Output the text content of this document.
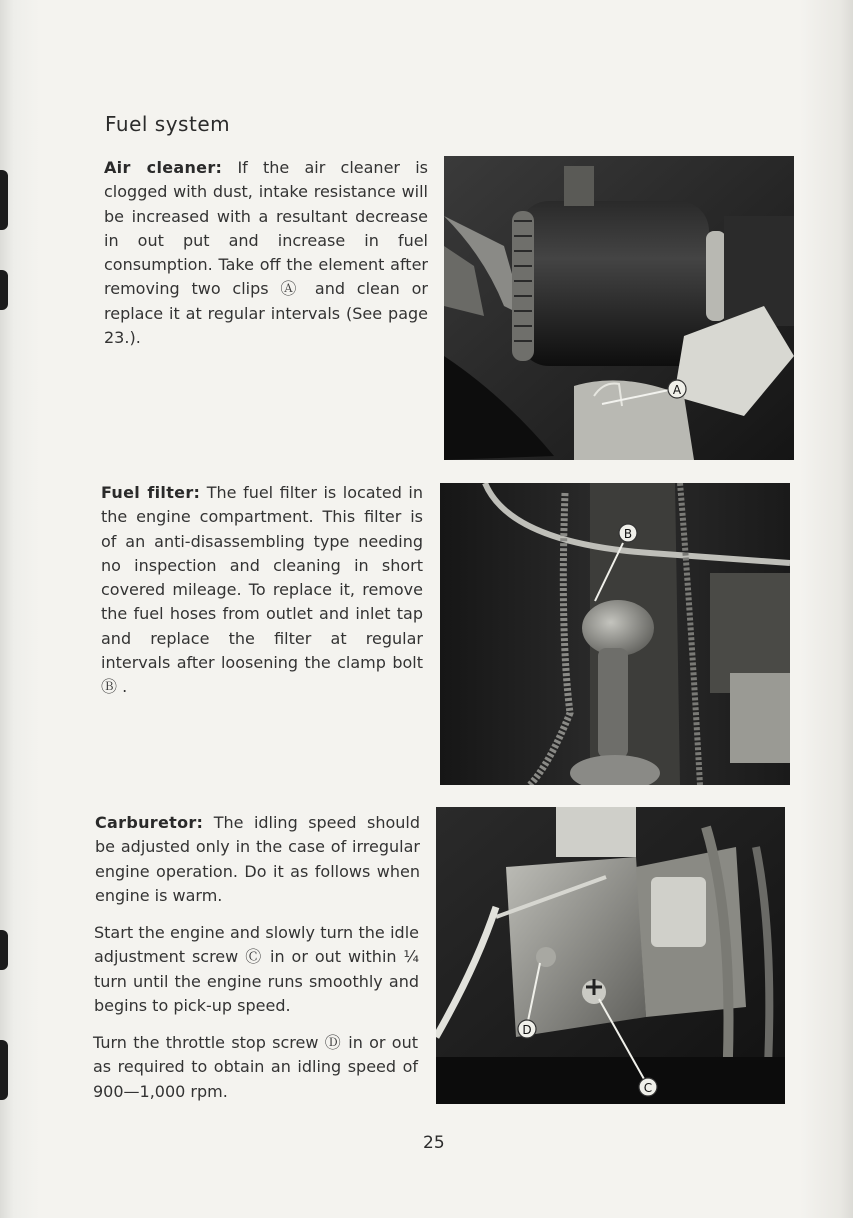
Fuel system

Air cleaner: If the air cleaner is clogged with dust, intake resistance will be increased with a resultant decrease in out put and increase in fuel consumption. Take off the element after removing two clips Ⓐ and clean or replace it at regular intervals (See page 23.).

Fuel filter: The fuel filter is located in the engine compartment. This filter is of an anti-disassembling type needing no inspection and cleaning in short covered mileage. To replace it, remove the fuel hoses from outlet and inlet tap and replace the filter at regular intervals after loosening the clamp bolt Ⓑ .

Carburetor: The idling speed should be adjusted only in the case of irregular engine operation. Do it as follows when engine is warm.

Start the engine and slowly turn the idle adjustment screw Ⓒ in or out within ¼ turn until the engine runs smoothly and begins to pick-up speed.

Turn the throttle stop screw Ⓓ in or out as required to obtain an idling speed of 900—1,000 rpm.

A
B
D
C
25
